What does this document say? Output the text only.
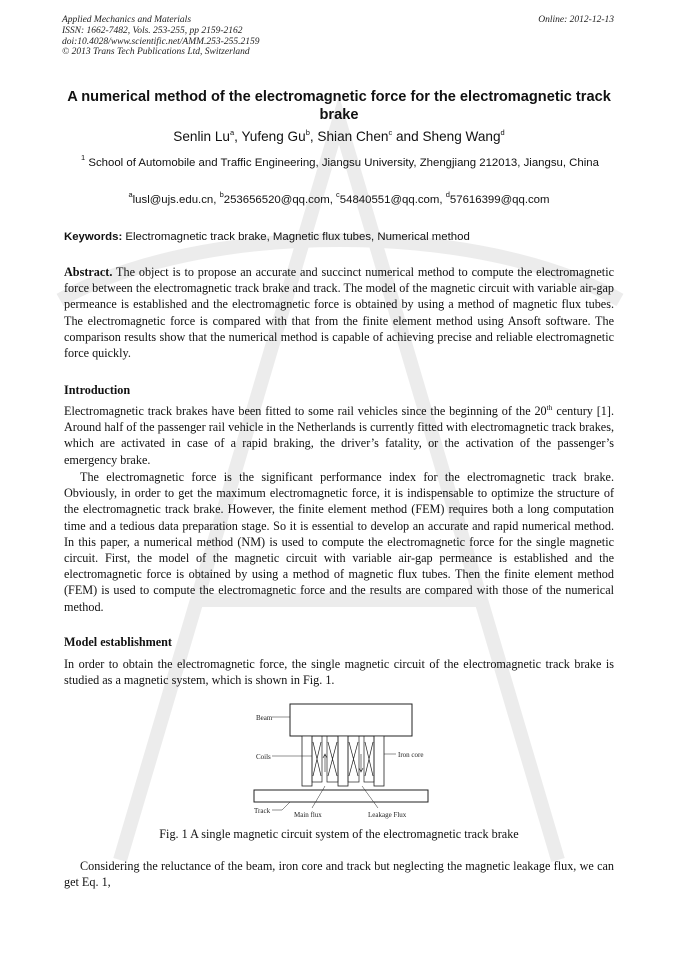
Applied Mechanics and Materials
ISSN: 1662-7482, Vols. 253-255, pp 2159-2162
doi:10.4028/www.scientific.net/AMM.253-255.2159
© 2013 Trans Tech Publications Ltd, Switzerland
Online: 2012-12-13
A numerical method of the electromagnetic force for the electromagnetic track brake
Senlin Lu$^a$, Yufeng Gu$^b$, Shian Chen$^c$ and Sheng Wang$^d$
$^1$ School of Automobile and Traffic Engineering, Jiangsu University, Zhengjiang 212013, Jiangsu, China
$^a$lusl@ujs.edu.cn, $^b$253656520@qq.com, $^c$54840551@qq.com, $^d$57616399@qq.com
Keywords: Electromagnetic track brake, Magnetic flux tubes, Numerical method
Abstract. The object is to propose an accurate and succinct numerical method to compute the electromagnetic force between the electromagnetic track brake and track. The model of the magnetic circuit with variable air-gap permeance is established and the electromagnetic force is obtained by using a method of magnetic flux tubes. The electromagnetic force is compared with that from the finite element method using Ansoft software. The comparison results show that the numerical method is capable of achieving precise and reliable electromagnetic force quickly.
Introduction
Electromagnetic track brakes have been fitted to some rail vehicles since the beginning of the 20th century [1]. Around half of the passenger rail vehicle in the Netherlands is currently fitted with electromagnetic track brakes, which are activated in case of a rapid braking, the driver’s fatality, or the activation of the passenger’s emergency brake.
The electromagnetic force is the significant performance index for the electromagnetic track brake. Obviously, in order to get the maximum electromagnetic force, it is indispensable to optimize the structure of the electromagnetic track brake. However, the finite element method (FEM) requires both a long computation time and a tedious data preparation stage. So it is essential to develop an accurate and rapid numerical method. In this paper, a numerical method (NM) is used to compute the electromagnetic force for the single magnetic circuit. First, the model of the magnetic circuit with variable air-gap permeance is established and the electromagnetic force is obtained by using a method of magnetic flux tubes. Then the finite element method (FEM) is used to compute the electromagnetic force and the results are compared with those of the numerical method.
Model establishment
In order to obtain the electromagnetic force, the single magnetic circuit of the electromagnetic track brake is studied as a magnetic system, which is shown in Fig. 1.
Beam
Coils	Iron core
Track	Main flux	Leakage Flux
Fig. 1 A single magnetic circuit system of the electromagnetic track brake
Considering the reluctance of the beam, iron core and track but neglecting the magnetic leakage flux, we can get Eq. 1,
